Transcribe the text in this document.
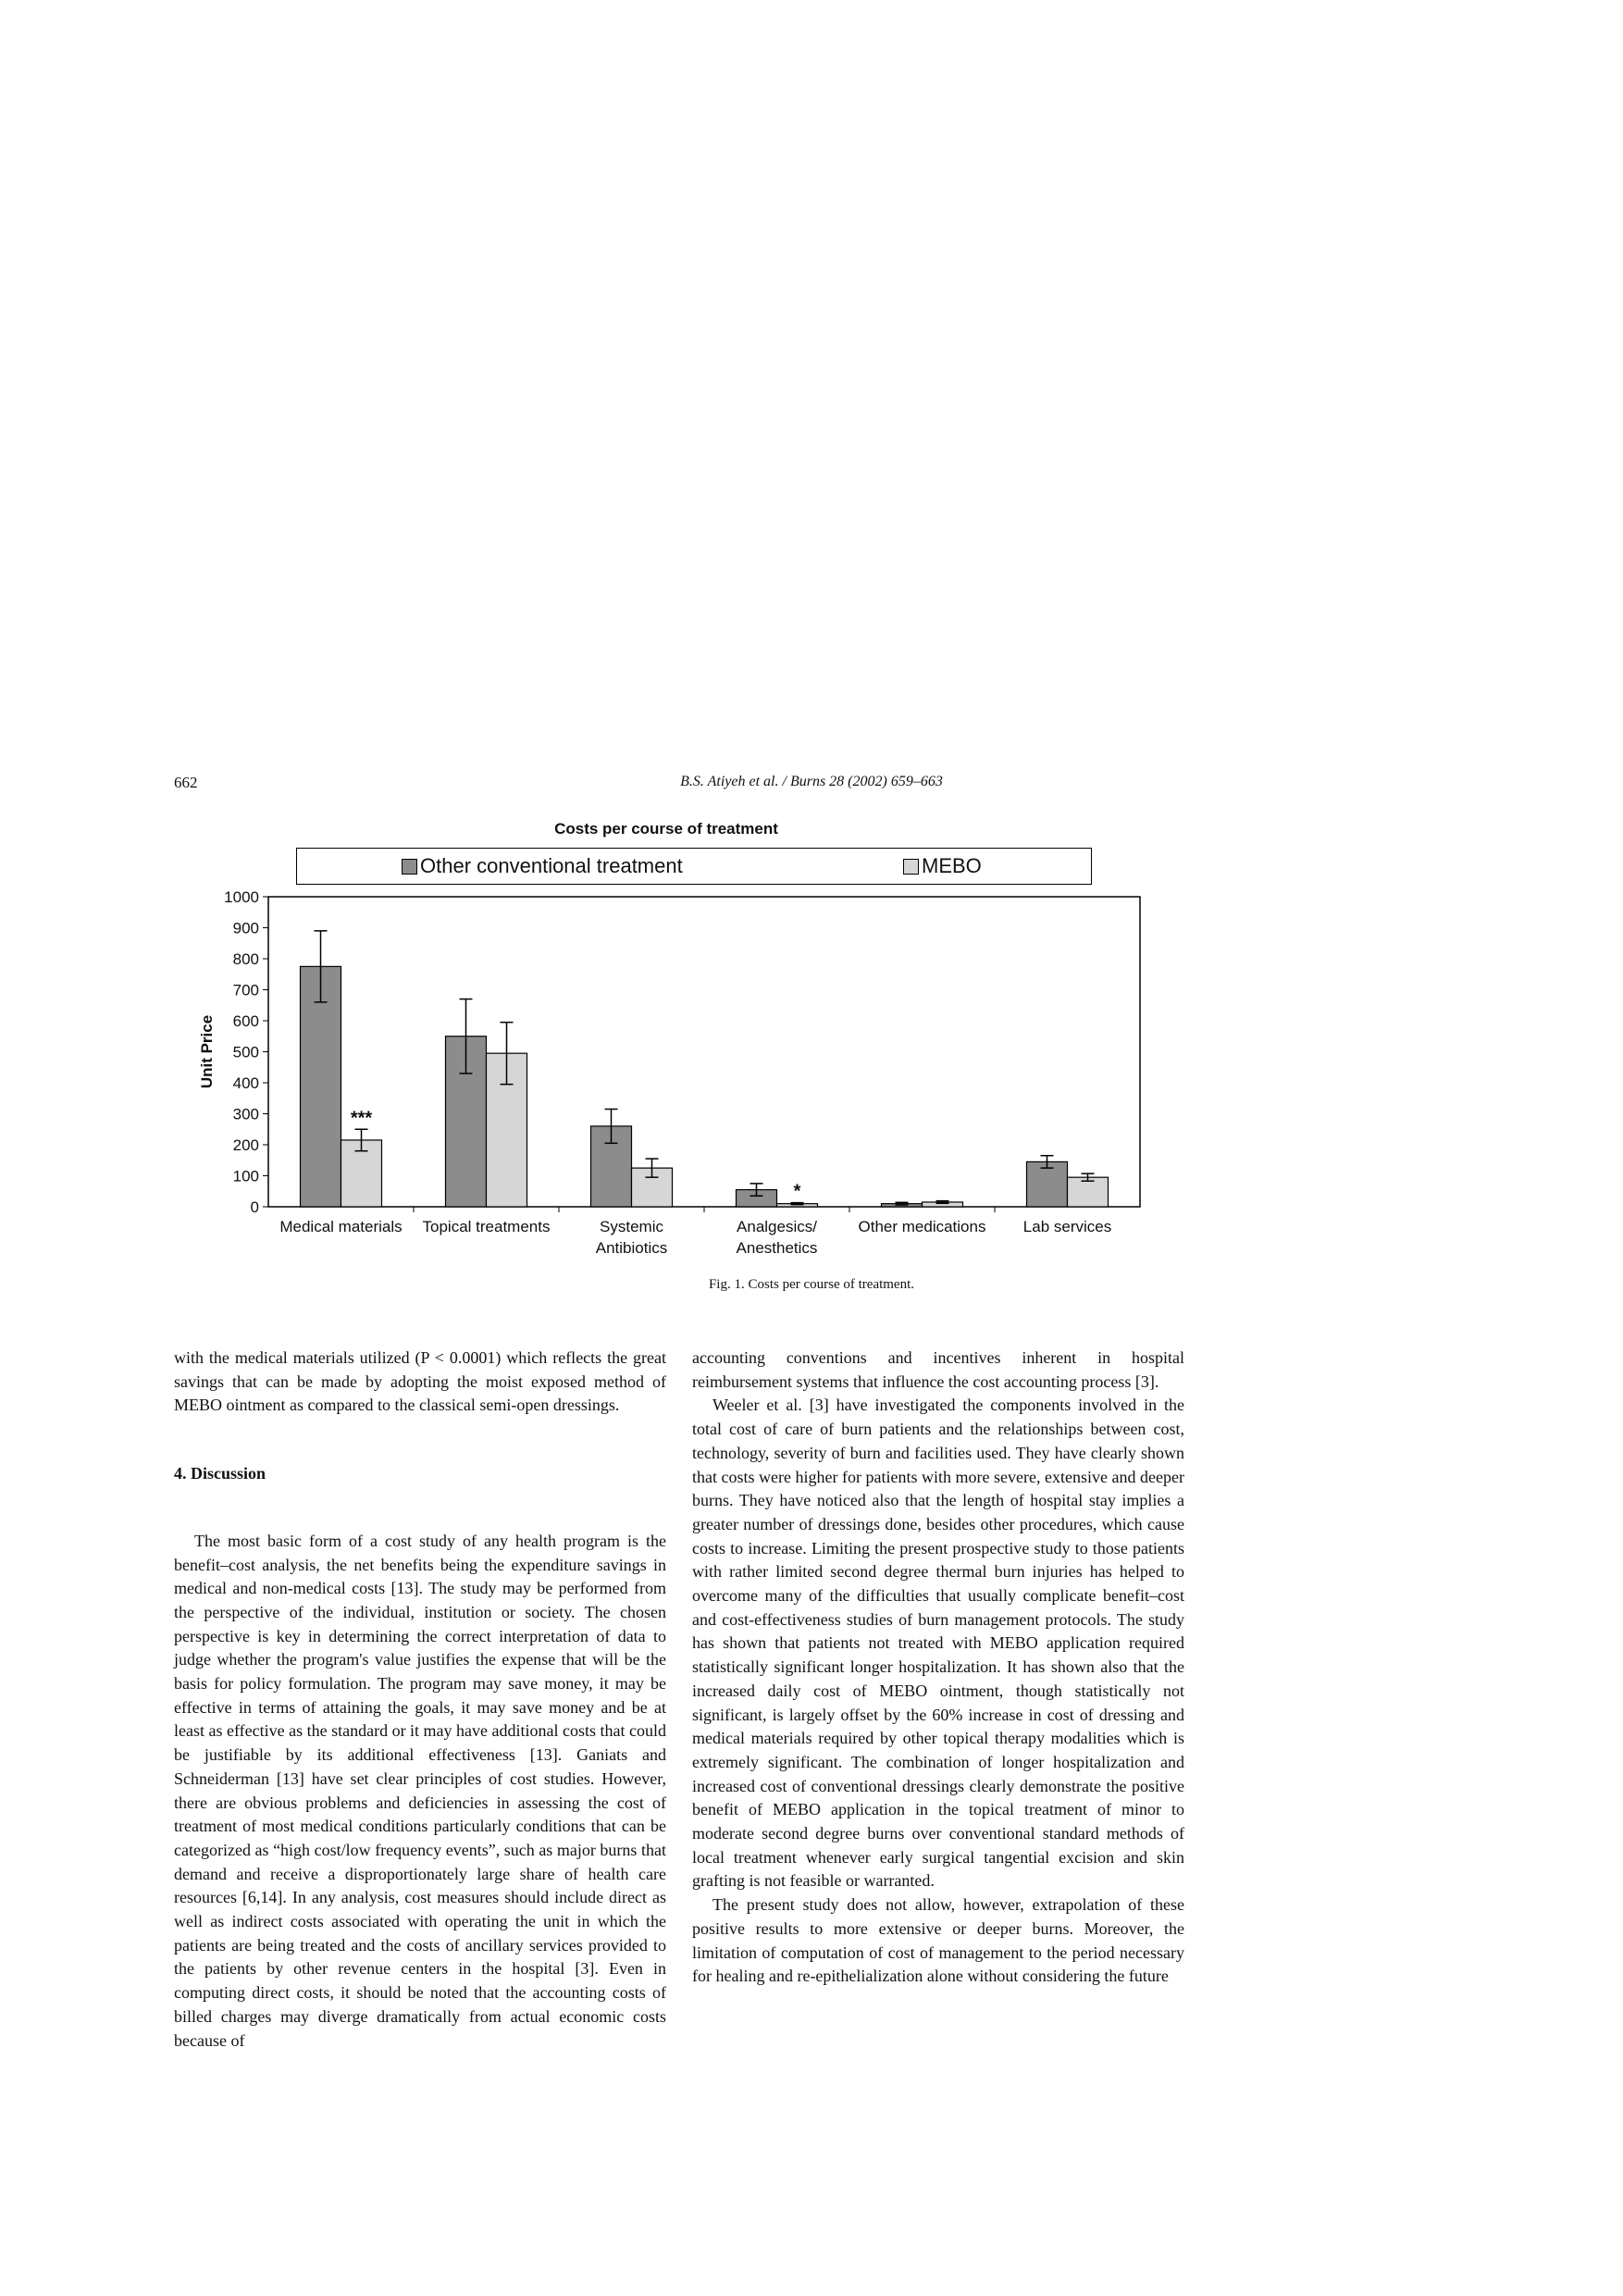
662	B.S. Atiyeh et al. / Burns 28 (2002) 659–663
Costs per course of treatment
Other conventional treatment	MEBO
0
100
200
300
400
500
600
700
800
900
1000
Unit Price
***
Medical materials Topical treatments	Systemic
Antibiotics
*
Analgesics/
Anesthetics
Other medications Lab services
Fig. 1. Costs per course of treatment.

with the medical materials utilized (P < 0.0001) which reflects the great savings that can be made by adopting the moist exposed method of MEBO ointment as compared to the classical semi-open dressings.

4. Discussion

The most basic form of a cost study of any health program is the benefit–cost analysis, the net benefits being the expenditure savings in medical and non-medical costs [13]. The study may be performed from the perspective of the individual, institution or society. The chosen perspective is key in determining the correct interpretation of data to judge whether the program's value justifies the expense that will be the basis for policy formulation. The program may save money, it may be effective in terms of attaining the goals, it may save money and be at least as effective as the standard or it may have additional costs that could be justifiable by its additional effectiveness [13]. Ganiats and Schneiderman [13] have set clear principles of cost studies. However, there are obvious problems and deficiencies in assessing the cost of treatment of most medical conditions particularly conditions that can be categorized as “high cost/low frequency events”, such as major burns that demand and receive a disproportionately large share of health care resources [6,14]. In any analysis, cost measures should include direct as well as indirect costs associated with operating the unit in which the patients are being treated and the costs of ancillary services provided to the patients by other revenue centers in the hospital [3]. Even in computing direct costs, it should be noted that the accounting costs of billed charges may diverge dramatically from actual economic costs because of

accounting conventions and incentives inherent in hospital reimbursement systems that influence the cost accounting process [3].

Weeler et al. [3] have investigated the components involved in the total cost of care of burn patients and the relationships between cost, technology, severity of burn and facilities used. They have clearly shown that costs were higher for patients with more severe, extensive and deeper burns. They have noticed also that the length of hospital stay implies a greater number of dressings done, besides other procedures, which cause costs to increase. Limiting the present prospective study to those patients with rather limited second degree thermal burn injuries has helped to overcome many of the difficulties that usually complicate benefit–cost and cost-effectiveness studies of burn management protocols. The study has shown that patients not treated with MEBO application required statistically significant longer hospitalization. It has shown also that the increased daily cost of MEBO ointment, though statistically not significant, is largely offset by the 60% increase in cost of dressing and medical materials required by other topical therapy modalities which is extremely significant. The combination of longer hospitalization and increased cost of conventional dressings clearly demonstrate the positive benefit of MEBO application in the topical treatment of minor to moderate second degree burns over conventional standard methods of local treatment whenever early surgical tangential excision and skin grafting is not feasible or warranted.

The present study does not allow, however, extrapolation of these positive results to more extensive or deeper burns. Moreover, the limitation of computation of cost of management to the period necessary for healing and re-epithelialization alone without considering the future
